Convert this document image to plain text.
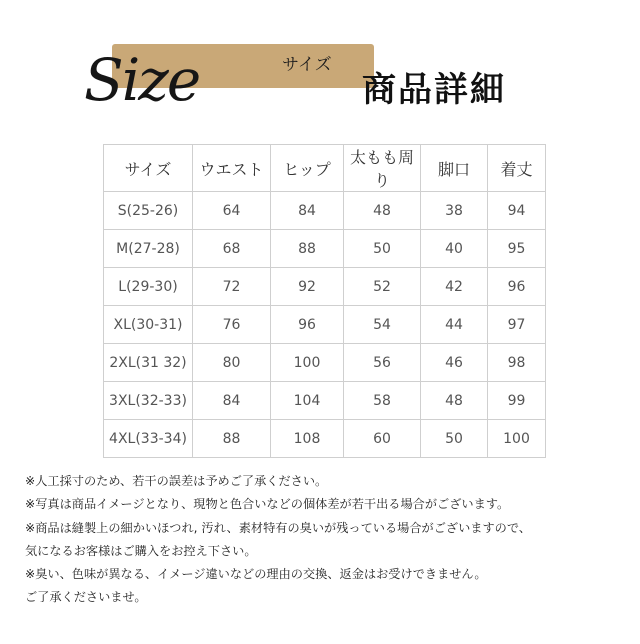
Size	サイズ
商品詳細
サイズ	ウエスト	ヒップ	太もも周り	脚口	着丈
S(25-26)	64	84	48	38	94
M(27-28)	68	88	50	40	95
L(29-30)	72	92	52	42	96
XL(30-31)	76	96	54	44	97
2XL(31 32)	80	100	56	46	98
3XL(32-33)	84	104	58	48	99
4XL(33-34)	88	108	60	50	100

※人工採寸のため、若干の誤差は予めご了承ください。

※写真は商品イメージとなり、現物と色合いなどの個体差が若干出る場合がございます。

※商品は縫製上の細かいほつれ, 汚れ、素材特有の臭いが残っている場合がございますので、

気になるお客様はご購入をお控え下さい。

※臭い、色味が異なる、イメージ違いなどの理由の交換、返金はお受けできません。

ご了承くださいませ。
